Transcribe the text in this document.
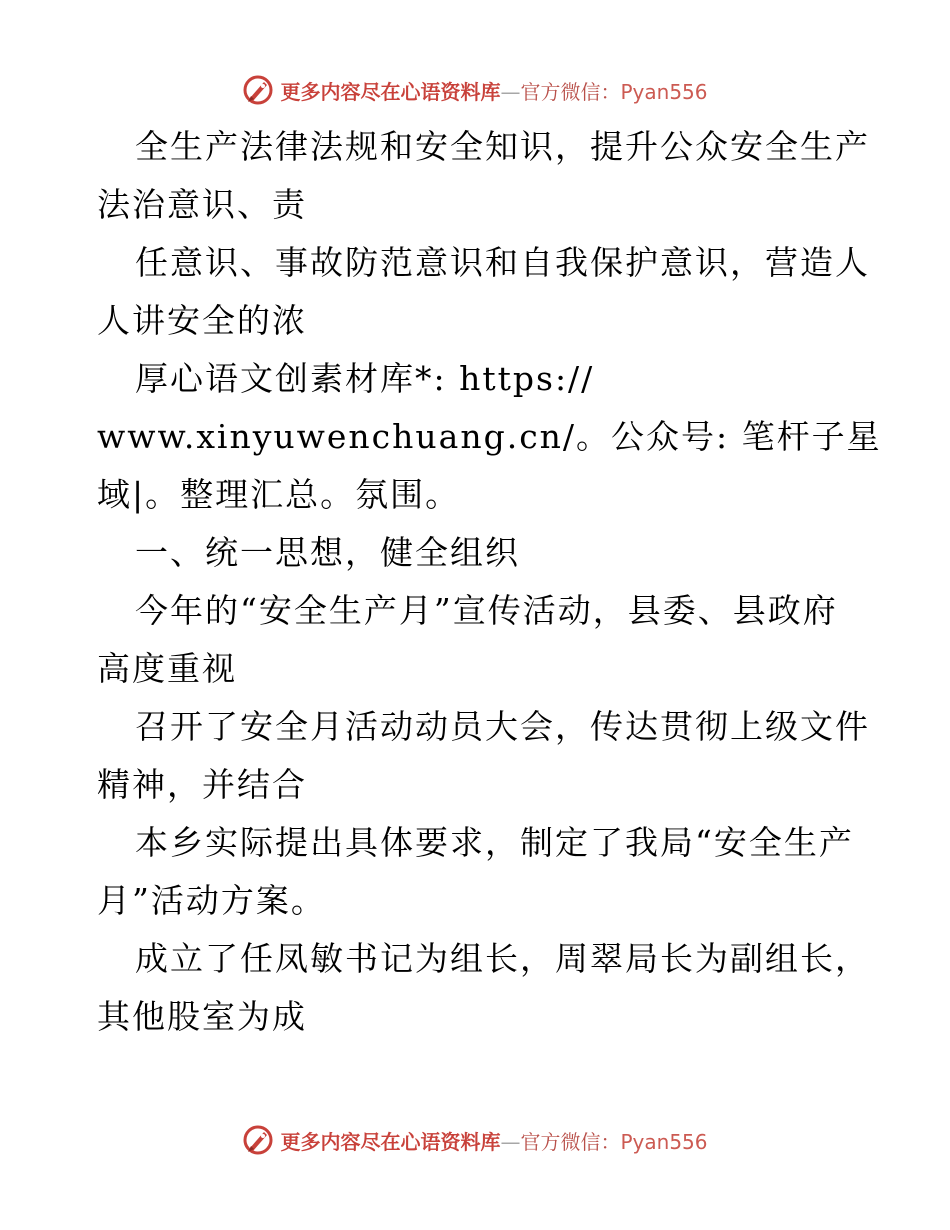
更多内容尽在心语资料库—官方微信：Pyan556
全生产法律法规和安全知识，提升公众安全生产
法治意识、责
任意识、事故防范意识和自我保护意识，营造人
人讲安全的浓
厚心语文创素材库*: https://
www.xinyuwenchuang.cn/。公众号: 笔杆子星
域|。整理汇总。氛围。
一、统一思想，健全组织
今年的“安全生产月”宣传活动，县委、县政府
高度重视
召开了安全月活动动员大会，传达贯彻上级文件
精神，并结合
本乡实际提出具体要求，制定了我局“安全生产
月”活动方案。
成立了任凤敏书记为组长，周翠局长为副组长，
其他股室为成
更多内容尽在心语资料库—官方微信：Pyan556
